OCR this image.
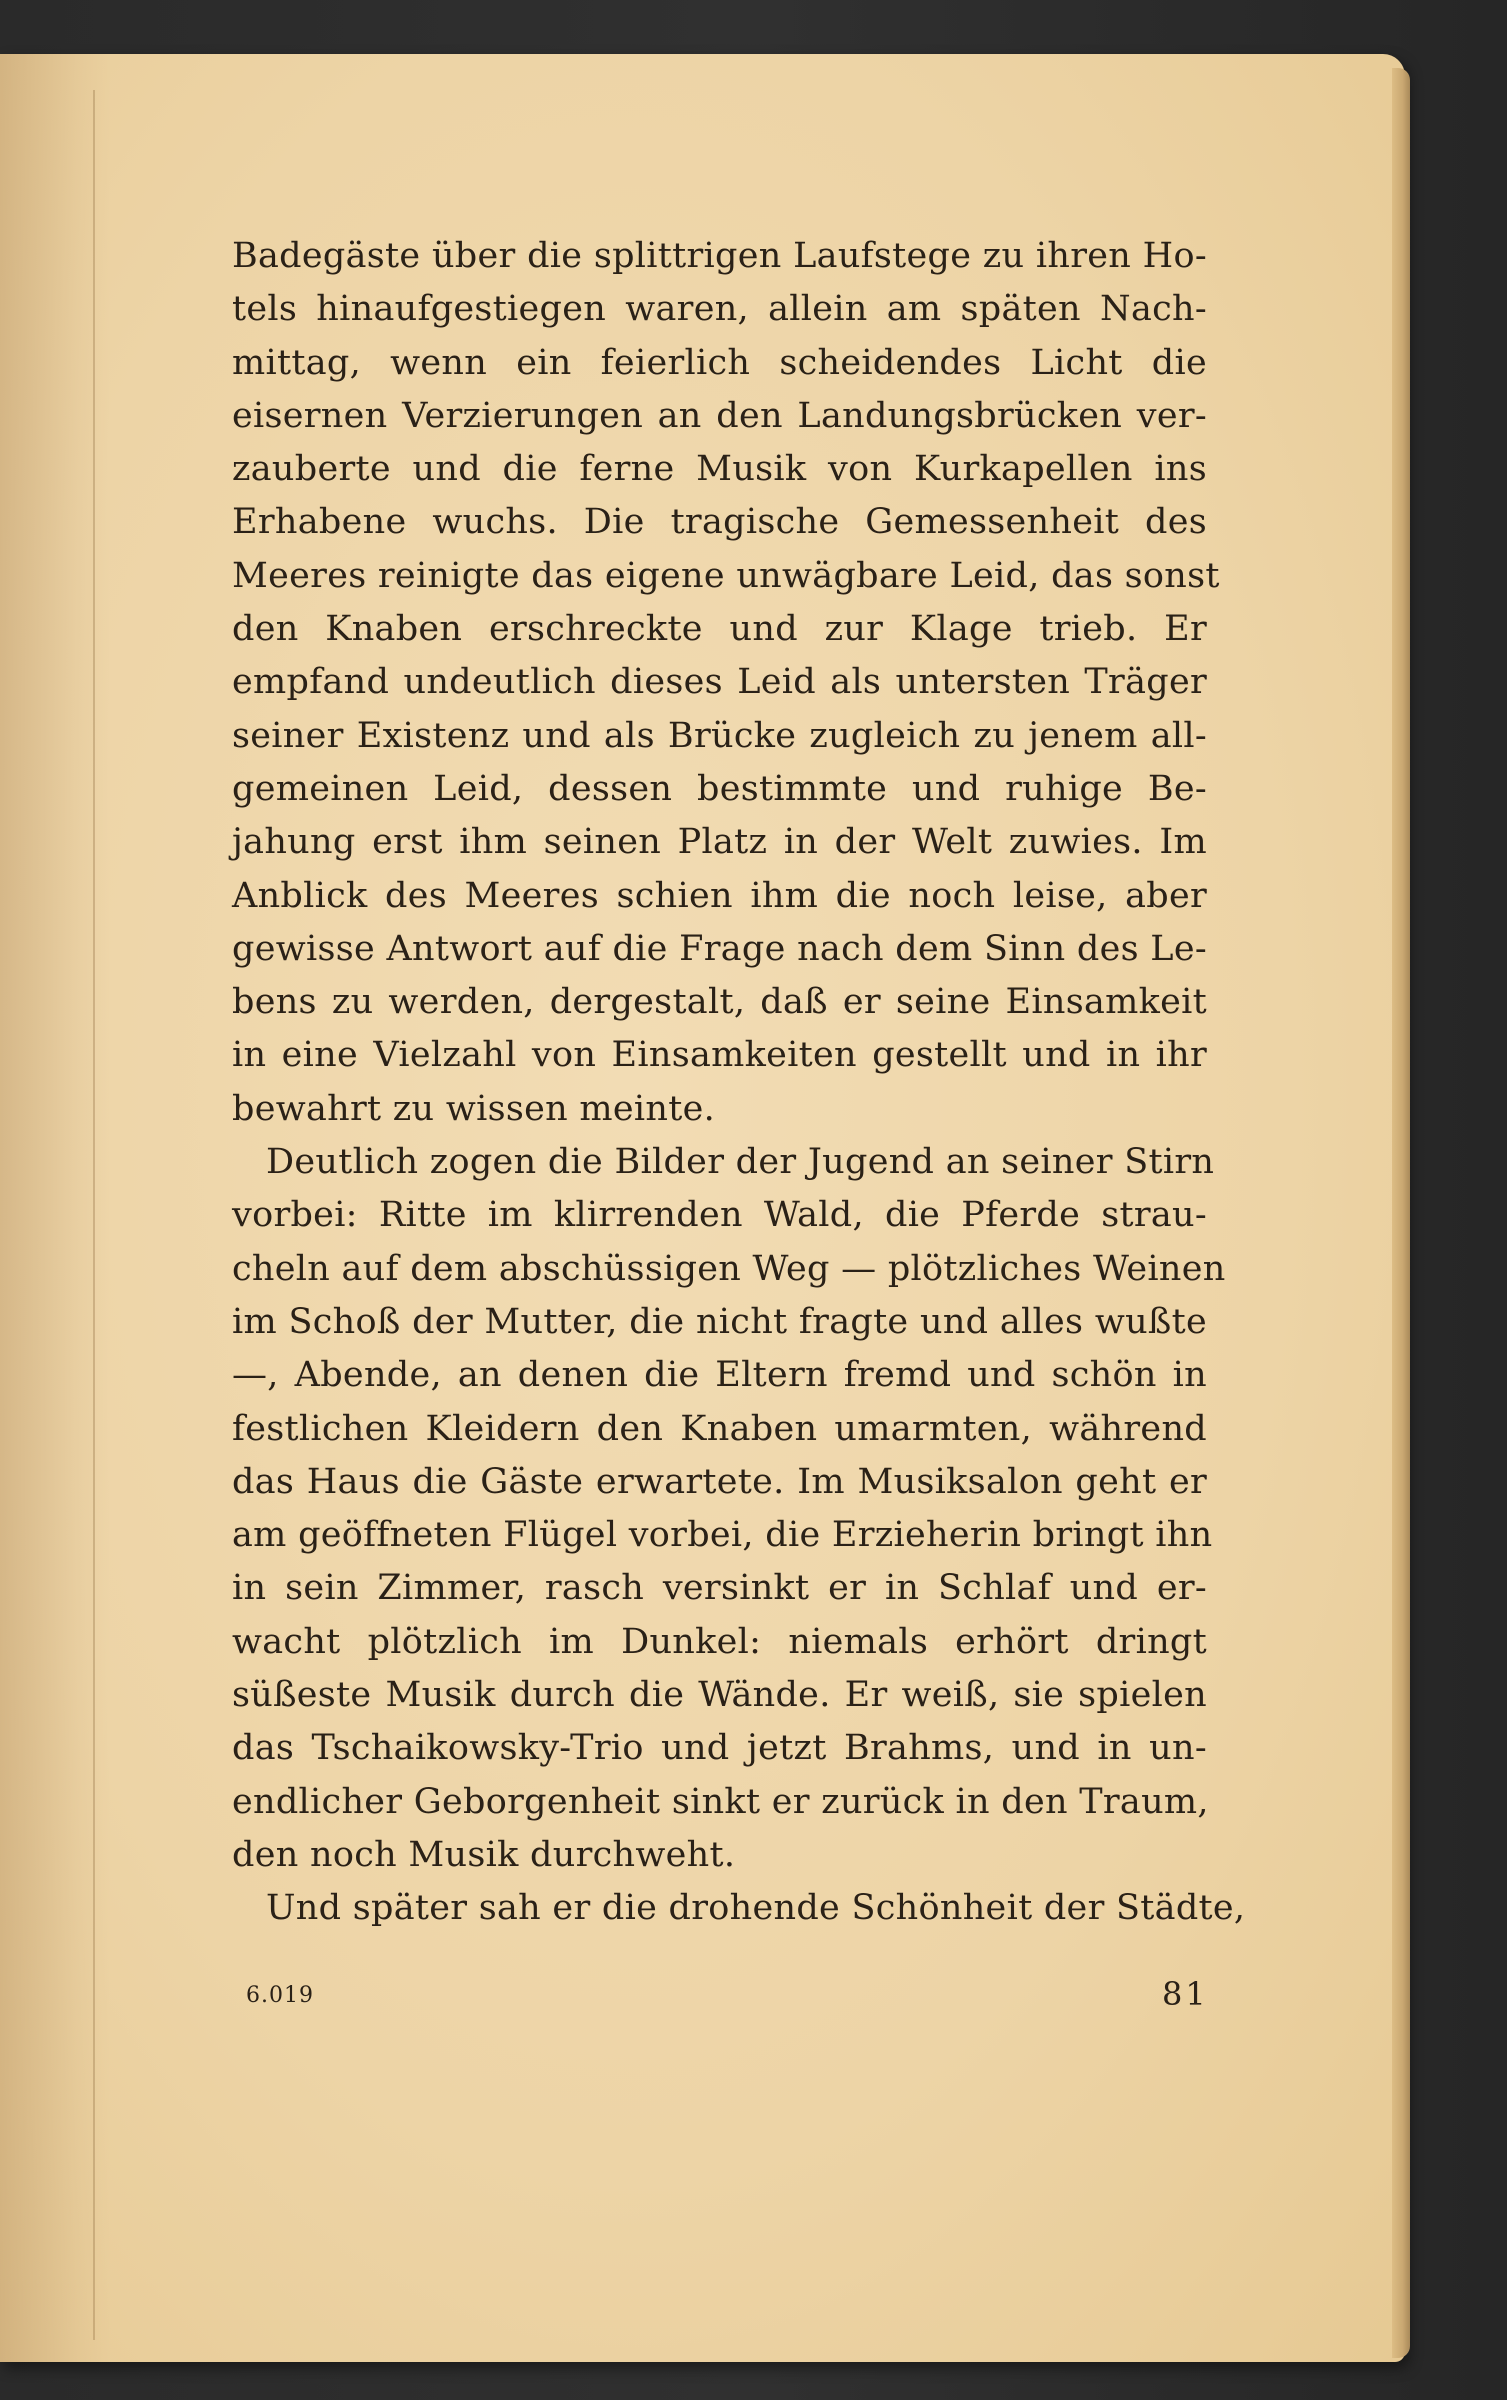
Badegäste über die splittrigen Laufstege zu ihren Ho-
tels hinaufgestiegen waren, allein am späten Nach-
mittag, wenn ein feierlich scheidendes Licht die
eisernen Verzierungen an den Landungsbrücken ver-
zauberte und die ferne Musik von Kurkapellen ins
Erhabene wuchs. Die tragische Gemessenheit des
Meeres reinigte das eigene unwägbare Leid, das sonst
den Knaben erschreckte und zur Klage trieb. Er
empfand undeutlich dieses Leid als untersten Träger
seiner Existenz und als Brücke zugleich zu jenem all-
gemeinen Leid, dessen bestimmte und ruhige Be-
jahung erst ihm seinen Platz in der Welt zuwies. Im
Anblick des Meeres schien ihm die noch leise, aber
gewisse Antwort auf die Frage nach dem Sinn des Le-
bens zu werden, dergestalt, daß er seine Einsamkeit
in eine Vielzahl von Einsamkeiten gestellt und in ihr
bewahrt zu wissen meinte.
Deutlich zogen die Bilder der Jugend an seiner Stirn
vorbei: Ritte im klirrenden Wald, die Pferde strau-
cheln auf dem abschüssigen Weg — plötzliches Weinen
im Schoß der Mutter, die nicht fragte und alles wußte
—, Abende, an denen die Eltern fremd und schön in
festlichen Kleidern den Knaben umarmten, während
das Haus die Gäste erwartete. Im Musiksalon geht er
am geöffneten Flügel vorbei, die Erzieherin bringt ihn
in sein Zimmer, rasch versinkt er in Schlaf und er-
wacht plötzlich im Dunkel: niemals erhört dringt
süßeste Musik durch die Wände. Er weiß, sie spielen
das Tschaikowsky-Trio und jetzt Brahms, und in un-
endlicher Geborgenheit sinkt er zurück in den Traum,
den noch Musik durchweht.
Und später sah er die drohende Schönheit der Städte,
6.019	81
